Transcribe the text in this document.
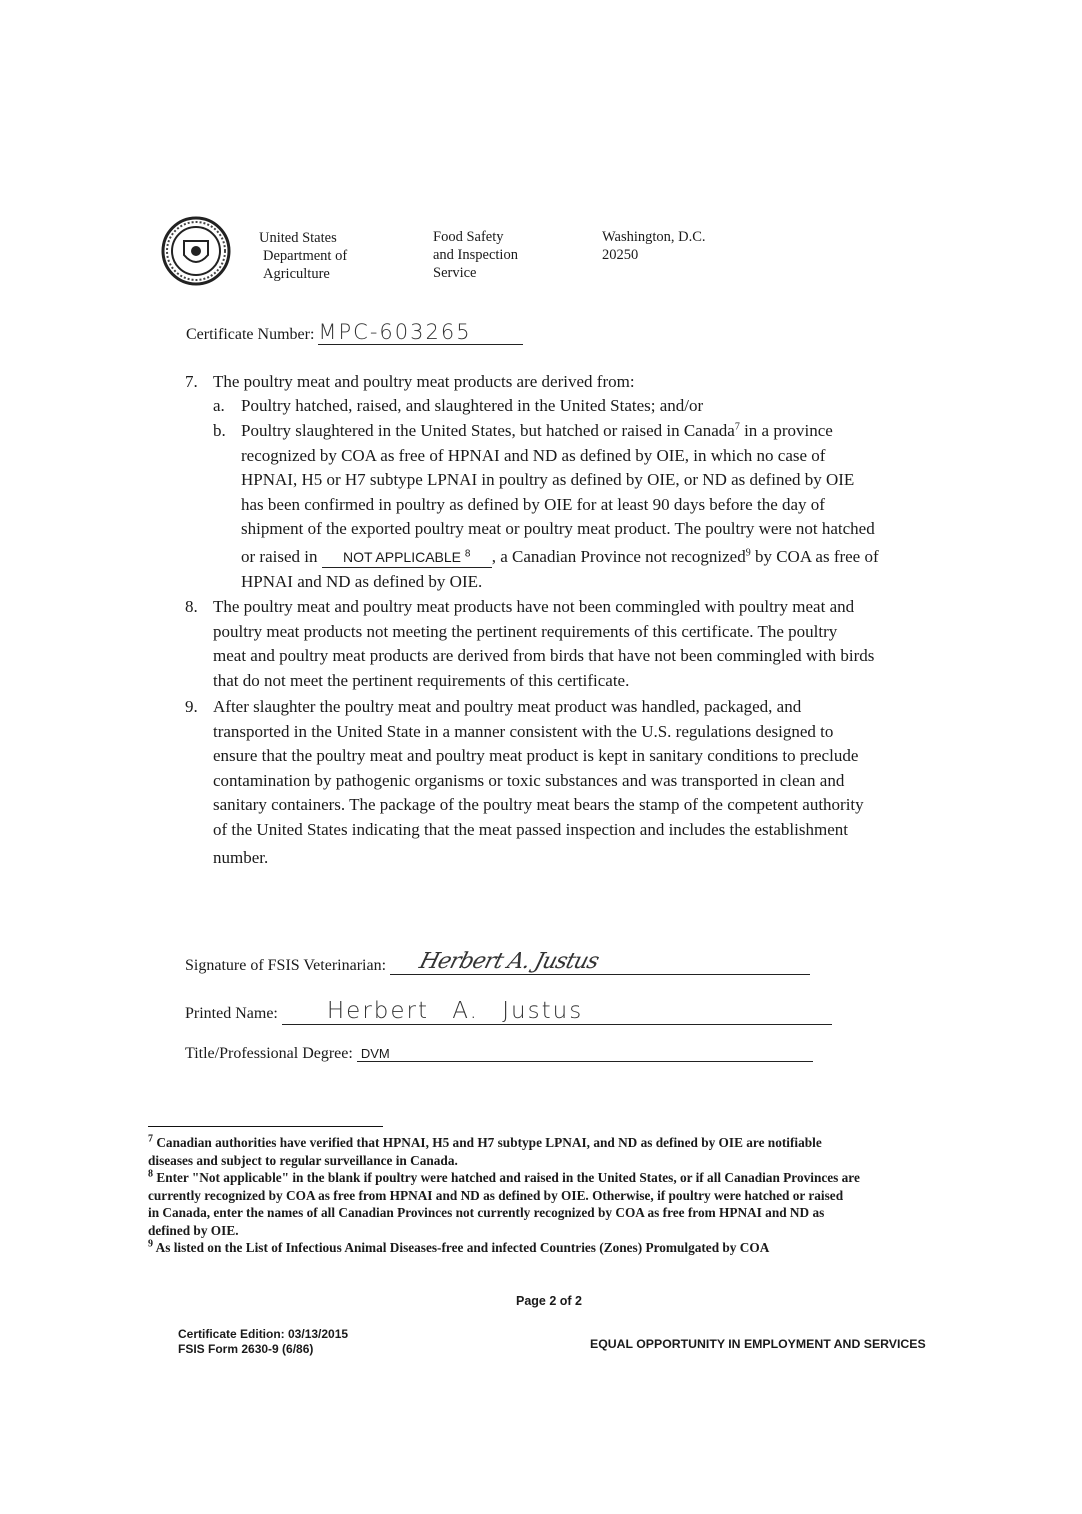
United States
Department of
Agriculture
Food Safety
and Inspection
Service
Washington, D.C.
20250
Certificate Number: MPC-603265
7. The poultry meat and poultry meat products are derived from:
a. Poultry hatched, raised, and slaughtered in the United States; and/or
b. Poultry slaughtered in the United States, but hatched or raised in Canada$^7$ in a province
recognized by COA as free of HPNAI and ND as defined by OIE, in which no case of
HPNAI, H5 or H7 subtype LPNAI in poultry as defined by OIE, or ND as defined by OIE
has been confirmed in poultry as defined by OIE for at least 90 days before the day of
shipment of the exported poultry meat or poultry meat product. The poultry were not hatched
or raised in NOT APPLICABLE $^8$ , a Canadian Province not recognized$^9$ by COA as free of
HPNAI and ND as defined by OIE.
8. The poultry meat and poultry meat products have not been commingled with poultry meat and
poultry meat products not meeting the pertinent requirements of this certificate. The poultry
meat and poultry meat products are derived from birds that have not been commingled with birds
that do not meet the pertinent requirements of this certificate.
9. After slaughter the poultry meat and poultry meat product was handled, packaged, and
transported in the United State in a manner consistent with the U.S. regulations designed to
ensure that the poultry meat and poultry meat product is kept in sanitary conditions to preclude
contamination by pathogenic organisms or toxic substances and was transported in clean and
sanitary containers. The package of the poultry meat bears the stamp of the competent authority
of the United States indicating that the meat passed inspection and includes the establishment
number.
Signature of FSIS Veterinarian: Herbert A. Justus
Printed Name: Herbert A. Justus
Title/Professional Degree: DVM
$^7$ Canadian authorities have verified that HPNAI, H5 and H7 subtype LPNAI, and ND as defined by OIE are notifiable
diseases and subject to regular surveillance in Canada.
$^8$ Enter "Not applicable" in the blank if poultry were hatched and raised in the United States, or if all Canadian Provinces are
currently recognized by COA as free from HPNAI and ND as defined by OIE. Otherwise, if poultry were hatched or raised
in Canada, enter the names of all Canadian Provinces not currently recognized by COA as free from HPNAI and ND as
defined by OIE.
$^9$ As listed on the List of Infectious Animal Diseases-free and infected Countries (Zones) Promulgated by COA
Page 2 of 2
Certificate Edition: 03/13/2015
FSIS Form 2630-9 (6/86)	EQUAL OPPORTUNITY IN EMPLOYMENT AND SERVICES
